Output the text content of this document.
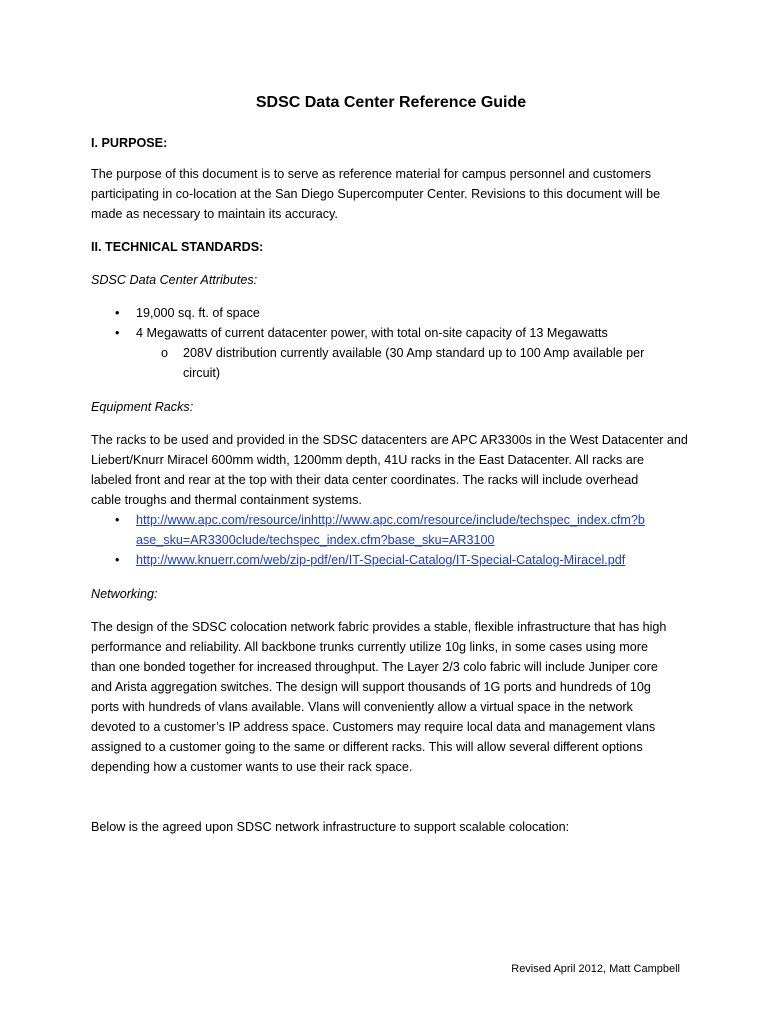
SDSC Data Center Reference Guide
I. PURPOSE:
The purpose of this document is to serve as reference material for campus personnel and customers
participating in co-location at the San Diego Supercomputer Center. Revisions to this document will be
made as necessary to maintain its accuracy.
II. TECHNICAL STANDARDS:
SDSC Data Center Attributes:
• 19,000 sq. ft. of space
• 4 Megawatts of current datacenter power, with total on-site capacity of 13 Megawatts
o 208V distribution currently available (30 Amp standard up to 100 Amp available per
circuit)
Equipment Racks:
The racks to be used and provided in the SDSC datacenters are APC AR3300s in the West Datacenter and
Liebert/Knurr Miracel 600mm width, 1200mm depth, 41U racks in the East Datacenter. All racks are
labeled front and rear at the top with their data center coordinates. The racks will include overhead
cable troughs and thermal containment systems.
• http://www.apc.com/resource/inhttp://www.apc.com/resource/include/techspec_index.cfm?b
ase_sku=AR3300clude/techspec_index.cfm?base_sku=AR3100
• http://www.knuerr.com/web/zip-pdf/en/IT-Special-Catalog/IT-Special-Catalog-Miracel.pdf
Networking:
The design of the SDSC colocation network fabric provides a stable, flexible infrastructure that has high
performance and reliability. All backbone trunks currently utilize 10g links, in some cases using more
than one bonded together for increased throughput. The Layer 2/3 colo fabric will include Juniper core
and Arista aggregation switches. The design will support thousands of 1G ports and hundreds of 10g
ports with hundreds of vlans available. Vlans will conveniently allow a virtual space in the network
devoted to a customer’s IP address space. Customers may require local data and management vlans
assigned to a customer going to the same or different racks. This will allow several different options
depending how a customer wants to use their rack space.
Below is the agreed upon SDSC network infrastructure to support scalable colocation:
Revised April 2012, Matt Campbell
